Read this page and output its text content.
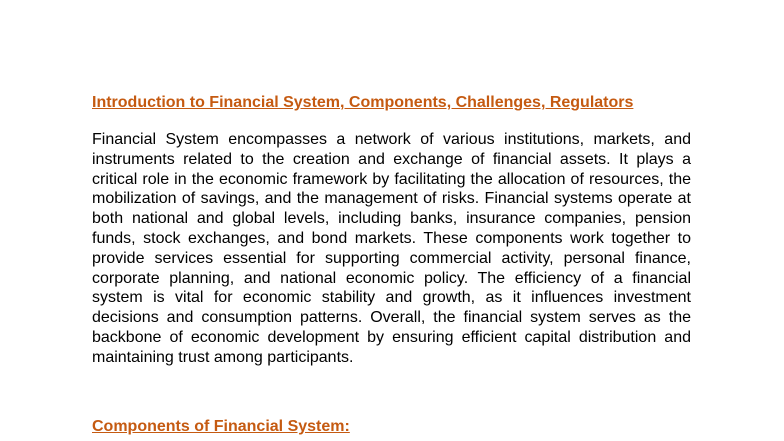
Introduction to Financial System, Components, Challenges, Regulators

Financial System encompasses a network of various institutions, markets, and instruments related to the creation and exchange of financial assets. It plays a critical role in the economic framework by facilitating the allocation of resources, the mobilization of savings, and the management of risks. Financial systems operate at both national and global levels, including banks, insurance companies, pension funds, stock exchanges, and bond markets. These components work together to provide services essential for supporting commercial activity, personal finance, corporate planning, and national economic policy. The efficiency of a financial system is vital for economic stability and growth, as it influences investment decisions and consumption patterns. Overall, the financial system serves as the backbone of economic development by ensuring efficient capital distribution and maintaining trust among participants.

Components of Financial System:
